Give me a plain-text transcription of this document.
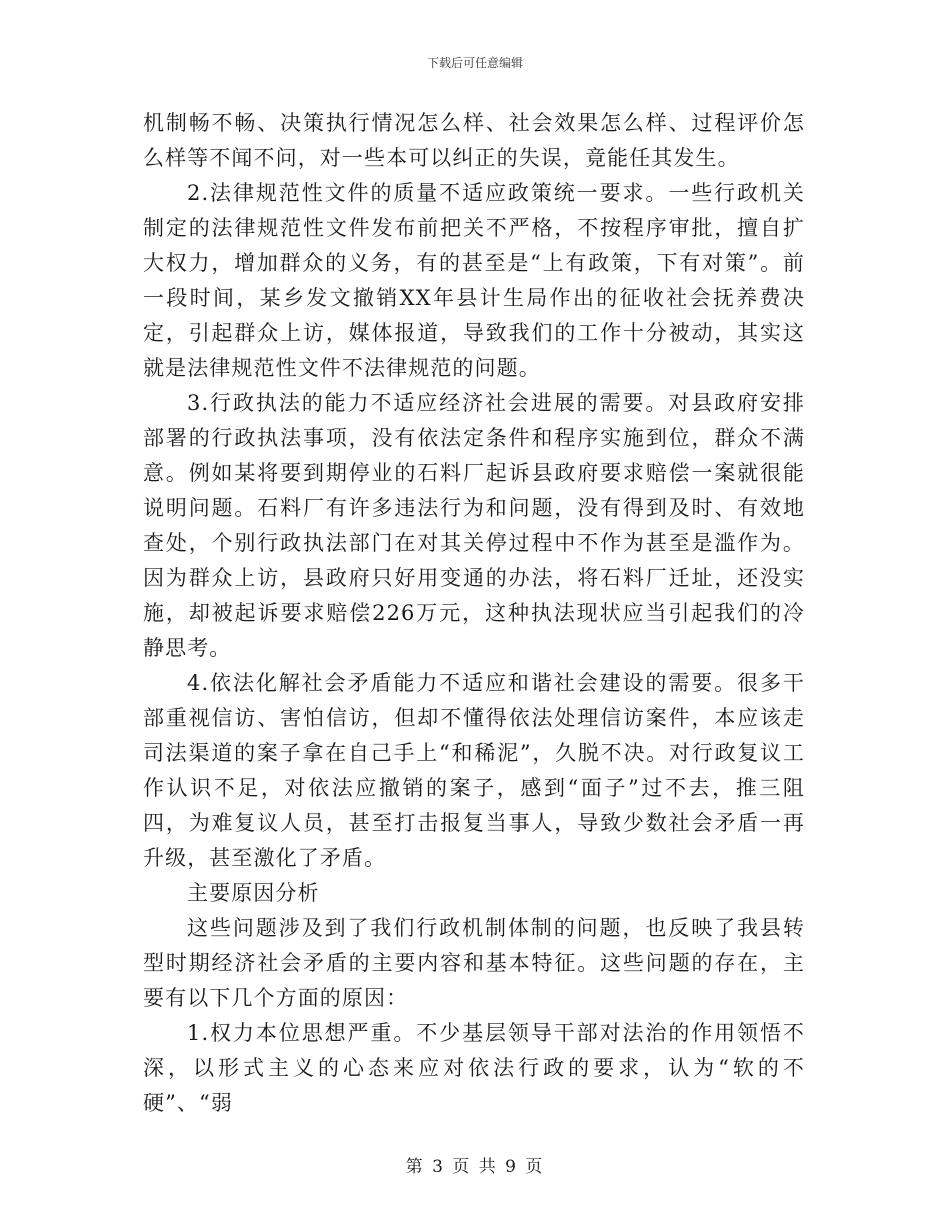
下载后可任意编辑

机制畅不畅、决策执行情况怎么样、社会效果怎么样、过程评价怎么样等不闻不问，对一些本可以纠正的失误，竟能任其发生。

2.法律规范性文件的质量不适应政策统一要求。一些行政机关制定的法律规范性文件发布前把关不严格，不按程序审批，擅自扩大权力，增加群众的义务，有的甚至是“上有政策，下有对策”。前一段时间，某乡发文撤销XX年县计生局作出的征收社会抚养费决定，引起群众上访，媒体报道，导致我们的工作十分被动，其实这就是法律规范性文件不法律规范的问题。

3.行政执法的能力不适应经济社会进展的需要。对县政府安排部署的行政执法事项，没有依法定条件和程序实施到位，群众不满意。例如某将要到期停业的石料厂起诉县政府要求赔偿一案就很能说明问题。石料厂有许多违法行为和问题，没有得到及时、有效地查处，个别行政执法部门在对其关停过程中不作为甚至是滥作为。因为群众上访，县政府只好用变通的办法，将石料厂迁址，还没实施，却被起诉要求赔偿226万元，这种执法现状应当引起我们的冷静思考。

4.依法化解社会矛盾能力不适应和谐社会建设的需要。很多干部重视信访、害怕信访，但却不懂得依法处理信访案件，本应该走司法渠道的案子拿在自己手上“和稀泥”，久脱不决。对行政复议工作认识不足，对依法应撤销的案子，感到“面子”过不去，推三阻四，为难复议人员，甚至打击报复当事人，导致少数社会矛盾一再升级，甚至激化了矛盾。

主要原因分析

这些问题涉及到了我们行政机制体制的问题，也反映了我县转型时期经济社会矛盾的主要内容和基本特征。这些问题的存在，主要有以下几个方面的原因：

1.权力本位思想严重。不少基层领导干部对法治的作用领悟不深，以形式主义的心态来应对依法行政的要求，认为“软的不硬”、“弱

第 3 页 共 9 页
